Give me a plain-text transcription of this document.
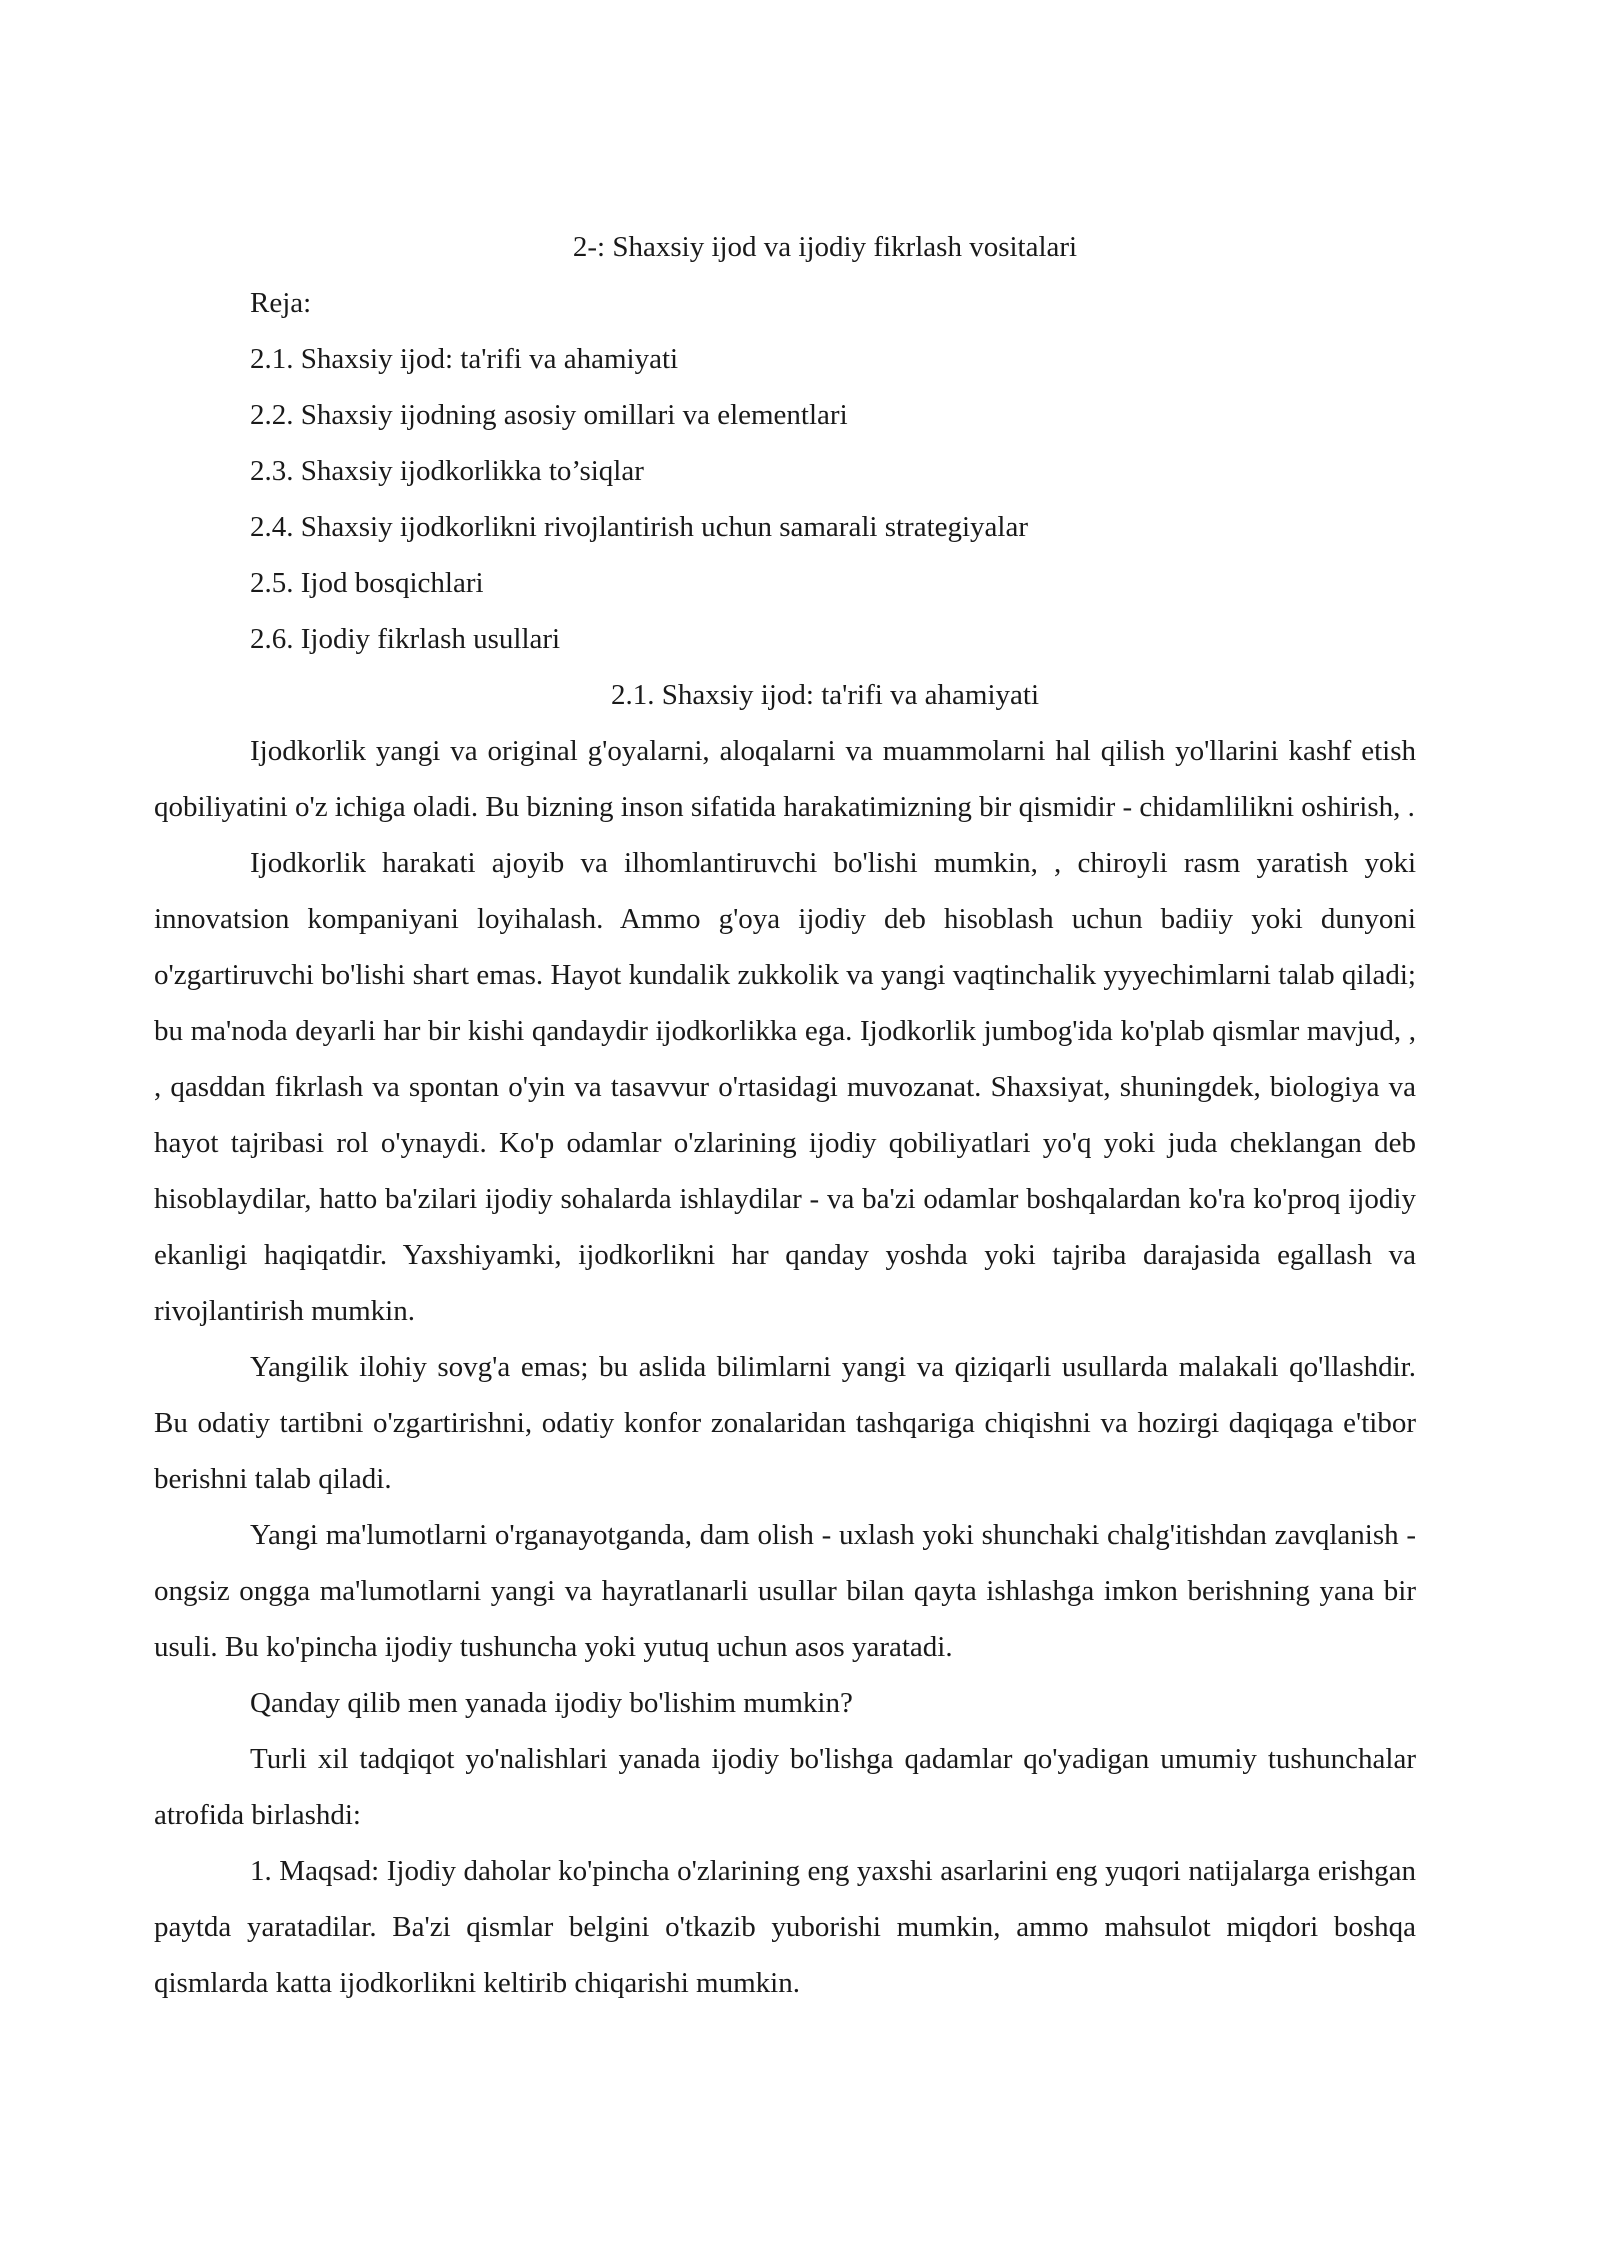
2-: Shaxsiy ijod va ijodiy fikrlash vositalari

Reja:

2.1. Shaxsiy ijod: ta'rifi va ahamiyati

2.2. Shaxsiy ijodning asosiy omillari va elementlari

2.3. Shaxsiy ijodkorlikka to’siqlar

2.4. Shaxsiy ijodkorlikni rivojlantirish uchun samarali strategiyalar

2.5. Ijod bosqichlari

2.6. Ijodiy fikrlash usullari

2.1. Shaxsiy ijod: ta'rifi va ahamiyati

Ijodkorlik yangi va original g'oyalarni, aloqalarni va muammolarni hal qilish yo'llarini kashf etish qobiliyatini o'z ichiga oladi. Bu bizning inson sifatida harakatimizning bir qismidir - chidamlilikni oshirish, .

Ijodkorlik harakati ajoyib va ilhomlantiruvchi bo'lishi mumkin, , chiroyli rasm yaratish yoki innovatsion kompaniyani loyihalash. Ammo g'oya ijodiy deb hisoblash uchun badiiy yoki dunyoni o'zgartiruvchi bo'lishi shart emas. Hayot kundalik zukkolik va yangi vaqtinchalik yyyechimlarni talab qiladi; bu ma'noda deyarli har bir kishi qandaydir ijodkorlikka ega. Ijodkorlik jumbog'ida ko'plab qismlar mavjud, , , qasddan fikrlash va spontan o'yin va tasavvur o'rtasidagi muvozanat. Shaxsiyat, shuningdek, biologiya va hayot tajribasi rol o'ynaydi. Ko'p odamlar o'zlarining ijodiy qobiliyatlari yo'q yoki juda cheklangan deb hisoblaydilar, hatto ba'zilari ijodiy sohalarda ishlaydilar - va ba'zi odamlar boshqalardan ko'ra ko'proq ijodiy ekanligi haqiqatdir. Yaxshiyamki, ijodkorlikni har qanday yoshda yoki tajriba darajasida egallash va rivojlantirish mumkin.

Yangilik ilohiy sovg'a emas; bu aslida bilimlarni yangi va qiziqarli usullarda malakali qo'llashdir. Bu odatiy tartibni o'zgartirishni, odatiy konfor zonalaridan tashqariga chiqishni va hozirgi daqiqaga e'tibor berishni talab qiladi.

Yangi ma'lumotlarni o'rganayotganda, dam olish - uxlash yoki shunchaki chalg'itishdan zavqlanish - ongsiz ongga ma'lumotlarni yangi va hayratlanarli usullar bilan qayta ishlashga imkon berishning yana bir usuli. Bu ko'pincha ijodiy tushuncha yoki yutuq uchun asos yaratadi.

Qanday qilib men yanada ijodiy bo'lishim mumkin?

Turli xil tadqiqot yo'nalishlari yanada ijodiy bo'lishga qadamlar qo'yadigan umumiy tushunchalar atrofida birlashdi:

1. Maqsad: Ijodiy daholar ko'pincha o'zlarining eng yaxshi asarlarini eng yuqori natijalarga erishgan paytda yaratadilar. Ba'zi qismlar belgini o'tkazib yuborishi mumkin, ammo mahsulot miqdori boshqa qismlarda katta ijodkorlikni keltirib chiqarishi mumkin.
